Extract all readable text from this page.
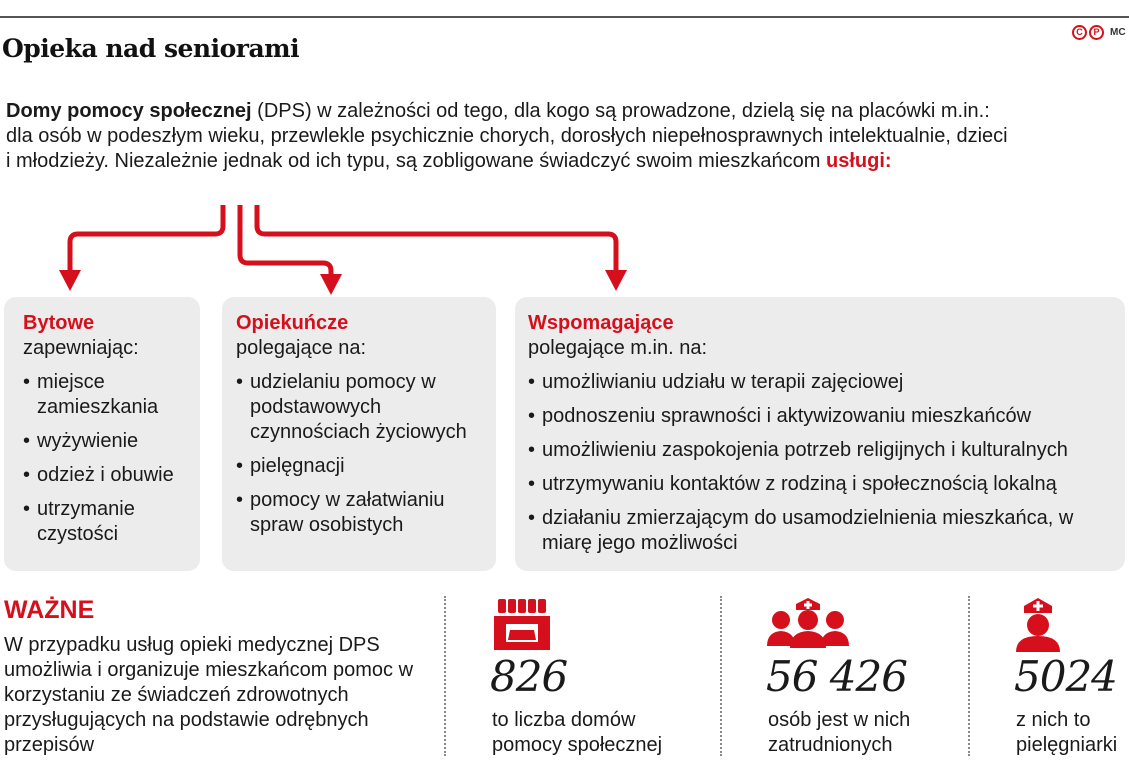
Opieka nad seniorami
C	P	MC

Domy pomocy społecznej (DPS) w zależności od tego, dla kogo są prowadzone, dzielą się na placówki m.in.: dla osób w podeszłym wieku, przewlekle psychicznie chorych, dorosłych niepełnosprawnych intelektualnie, dzieci i młodzieży. Niezależnie jednak od ich typu, są zobligowane świadczyć swoim mieszkańcom usługi:

Bytowe
zapewniając:
• miejsce zamieszkania
• wyżywienie
• odzież i obuwie
• utrzymanie czystości
Opiekuńcze
polegające na:
• udzielaniu pomocy w podstawowych czynnościach życiowych
• pielęgnacji
• pomocy w załatwianiu spraw osobistych
Wspomagające
polegające m.in. na:
• umożliwianiu udziału w terapii zajęciowej
• podnoszeniu sprawności i aktywizowaniu mieszkańców
• umożliwieniu zaspokojenia potrzeb religijnych i kulturalnych
• utrzymywaniu kontaktów z rodziną i społecznością lokalną
• działaniu zmierzającym do usamodzielnienia mieszkańca, w miarę jego możliwości
WAŻNE

W przypadku usług opieki medycznej DPS umożliwia i organizuje mieszkańcom pomoc w korzystaniu ze świadczeń zdrowotnych przysługujących na podstawie odrębnych przepisów

826
to liczba domów
pomocy społecznej
56 426
osób jest w nich
zatrudnionych
5024
z nich to
pielęgniarki
